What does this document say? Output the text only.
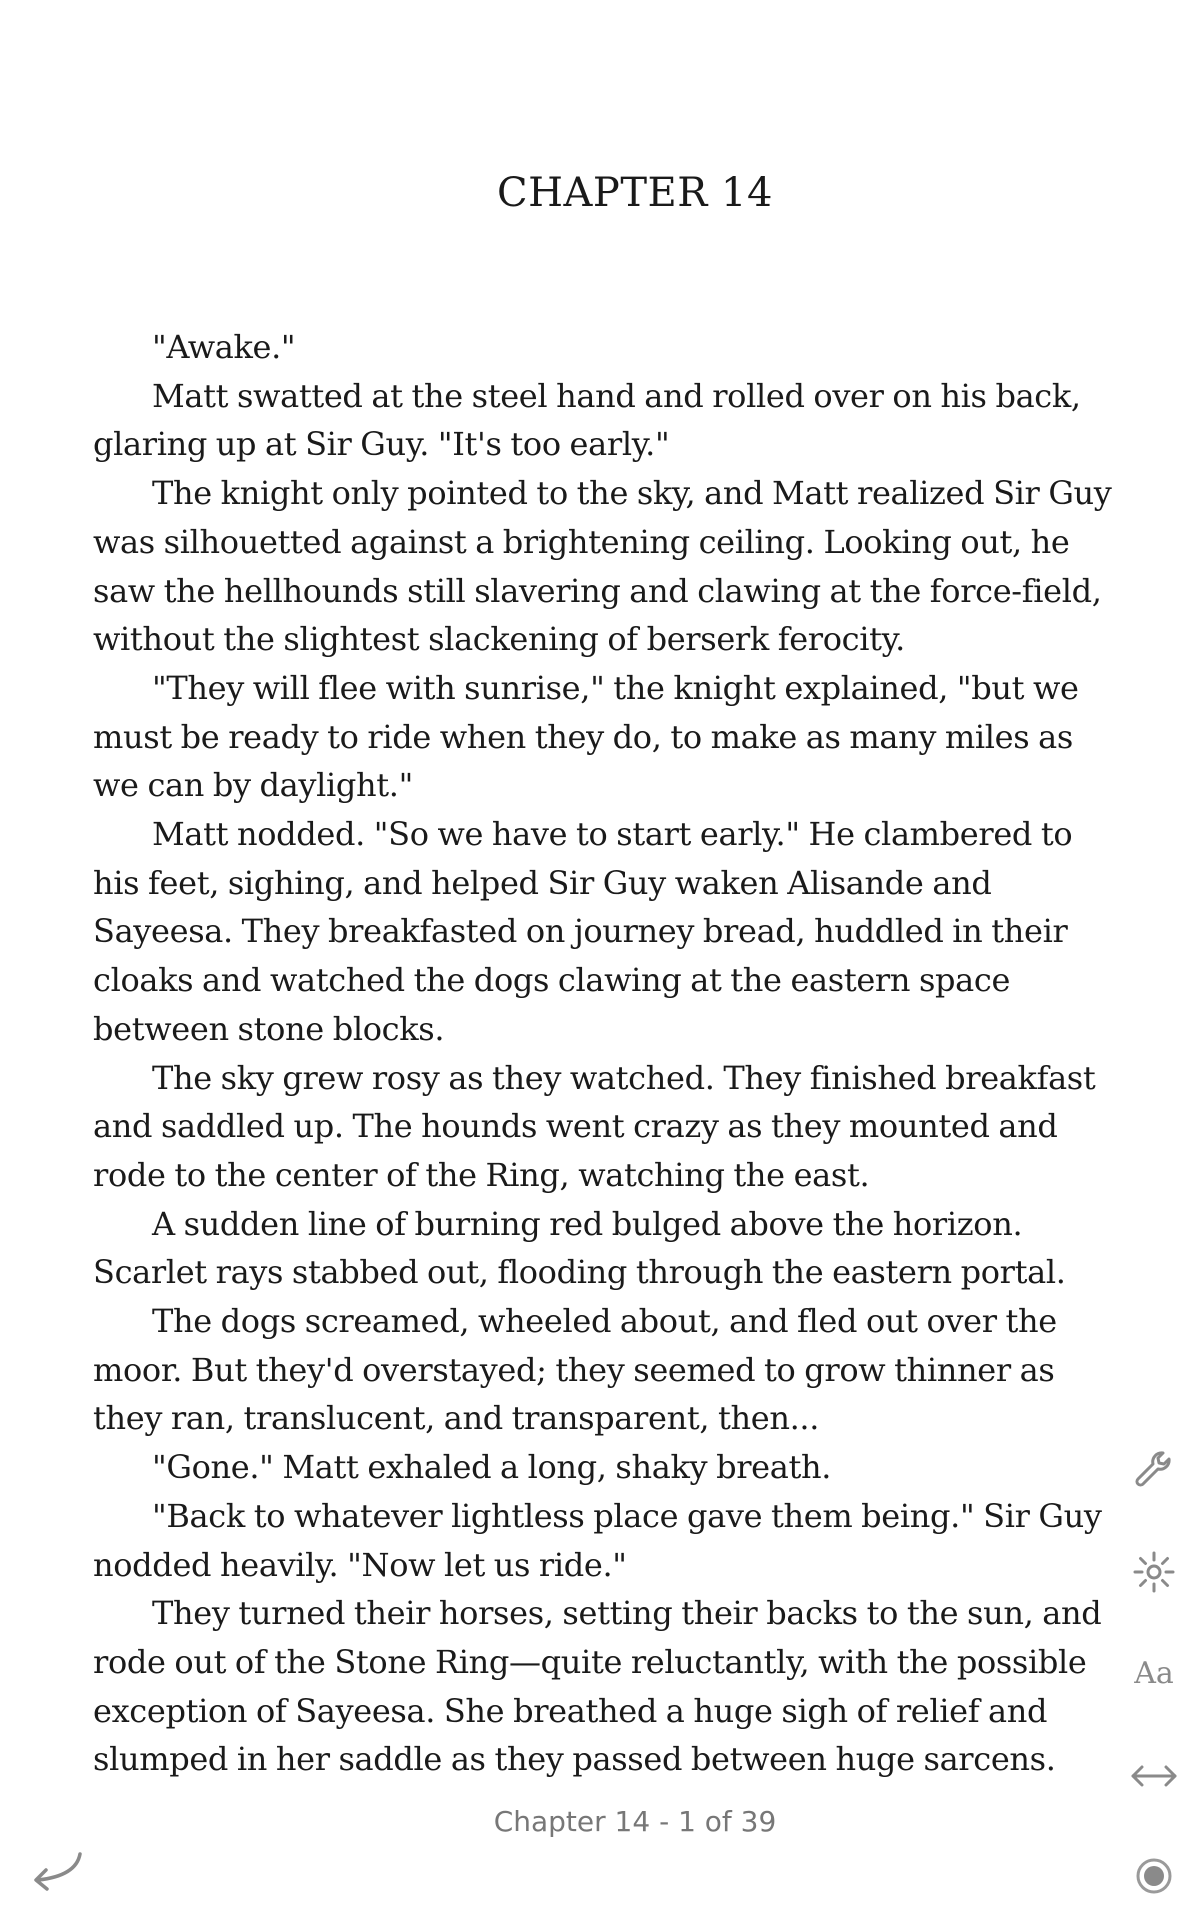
CHAPTER 14

"Awake."

Matt swatted at the steel hand and rolled over on his back, glaring up at Sir Guy. "It's too early."

The knight only pointed to the sky, and Matt realized Sir Guy was silhouetted against a brightening ceiling. Looking out, he saw the hellhounds still slavering and clawing at the force-field, without the slightest slackening of berserk ferocity.

"They will flee with sunrise," the knight explained, "but we must be ready to ride when they do, to make as many miles as we can by daylight."

Matt nodded. "So we have to start early." He clambered to his feet, sighing, and helped Sir Guy waken Alisande and Sayeesa. They breakfasted on journey bread, huddled in their cloaks and watched the dogs clawing at the eastern space between stone blocks.

The sky grew rosy as they watched. They finished breakfast and saddled up. The hounds went crazy as they mounted and rode to the center of the Ring, watching the east.

A sudden line of burning red bulged above the horizon. Scarlet rays stabbed out, flooding through the eastern portal.

The dogs screamed, wheeled about, and fled out over the moor. But they'd overstayed; they seemed to grow thinner as they ran, translucent, and transparent, then...

"Gone." Matt exhaled a long, shaky breath.

"Back to whatever lightless place gave them being." Sir Guy nodded heavily. "Now let us ride."

They turned their horses, setting their backs to the sun, and rode out of the Stone Ring—quite reluctantly, with the possible exception of Sayeesa. She breathed a huge sigh of relief and slumped in her saddle as they passed between huge sarcens.

Chapter 14 - 1 of 39
Aa
